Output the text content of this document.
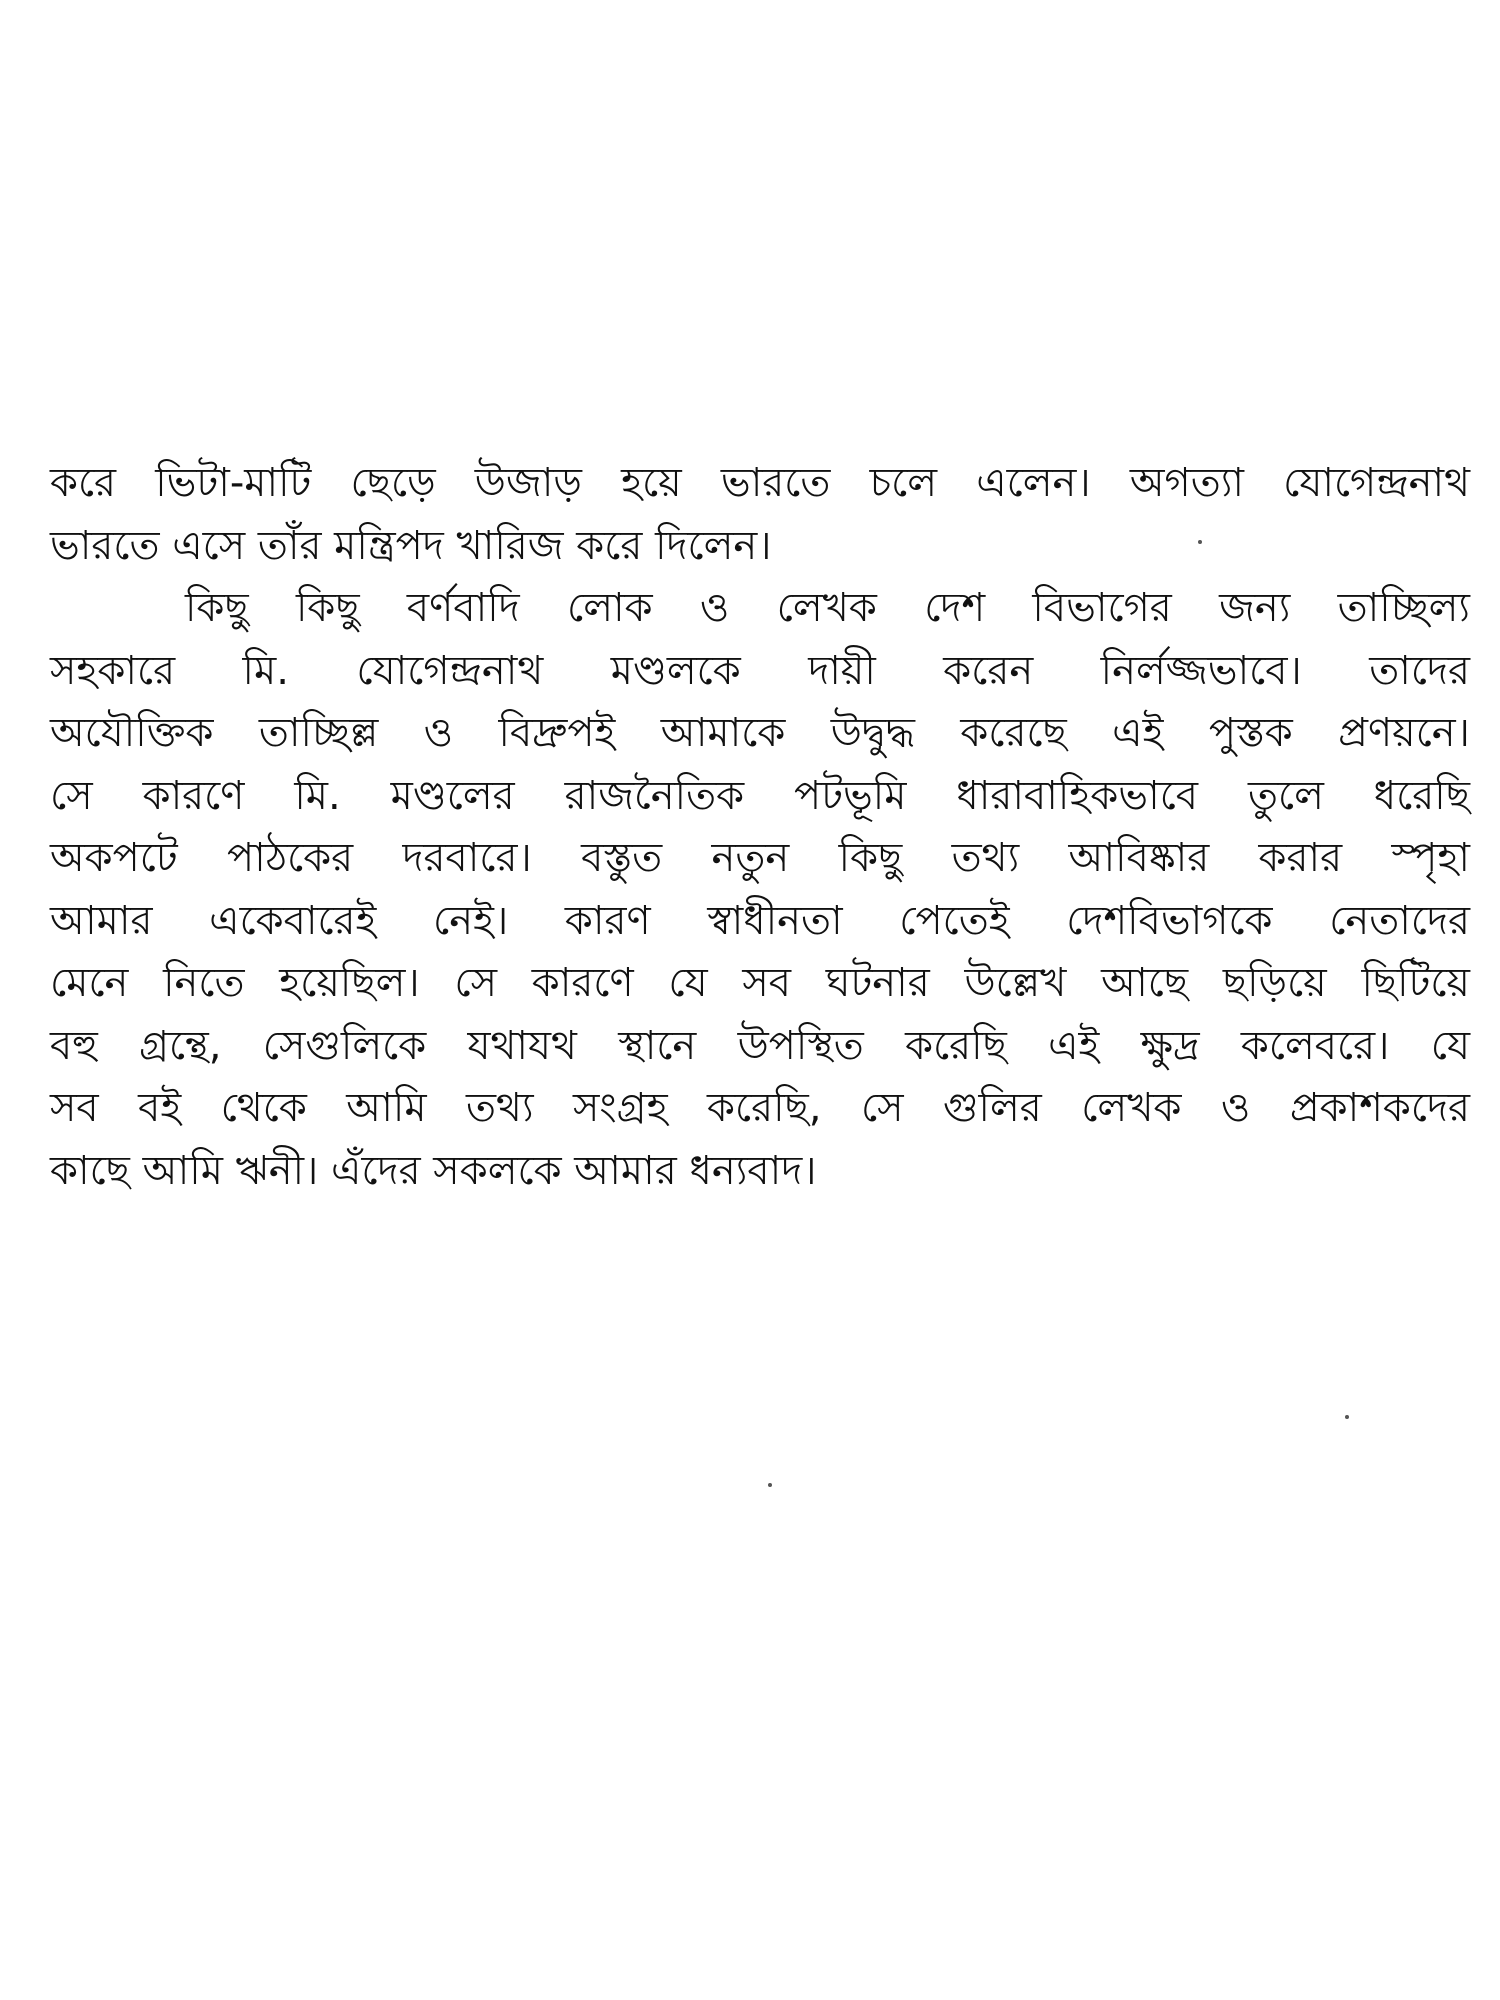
করে ভিটা-মাটি ছেড়ে উজাড় হয়ে ভারতে চলে এলেন। অগত্যা যোগেন্দ্রনাথ
ভারতে এসে তাঁর মন্ত্রিপদ খারিজ করে দিলেন।
কিছু কিছু বর্ণবাদি লোক ও লেখক দেশ বিভাগের জন্য তাচ্ছিল্য
সহকারে মি. যোগেন্দ্রনাথ মণ্ডলকে দায়ী করেন নির্লজ্জভাবে। তাদের
অযৌক্তিক তাচ্ছিল্ল ও বিদ্রুপই আমাকে উদ্বুদ্ধ করেছে এই পুস্তক প্রণয়নে।
সে কারণে মি. মণ্ডলের রাজনৈতিক পটভূমি ধারাবাহিকভাবে তুলে ধরেছি
অকপটে পাঠকের দরবারে। বস্তুত নতুন কিছু তথ্য আবিষ্কার করার স্পৃহা
আমার একেবারেই নেই। কারণ স্বাধীনতা পেতেই দেশবিভাগকে নেতাদের
মেনে নিতে হয়েছিল। সে কারণে যে সব ঘটনার উল্লেখ আছে ছড়িয়ে ছিটিয়ে
বহু গ্রন্থে, সেগুলিকে যথাযথ স্থানে উপস্থিত করেছি এই ক্ষুদ্র কলেবরে। যে
সব বই থেকে আমি তথ্য সংগ্রহ করেছি, সে গুলির লেখক ও প্রকাশকদের
কাছে আমি ঋনী। এঁদের সকলকে আমার ধন্যবাদ।
